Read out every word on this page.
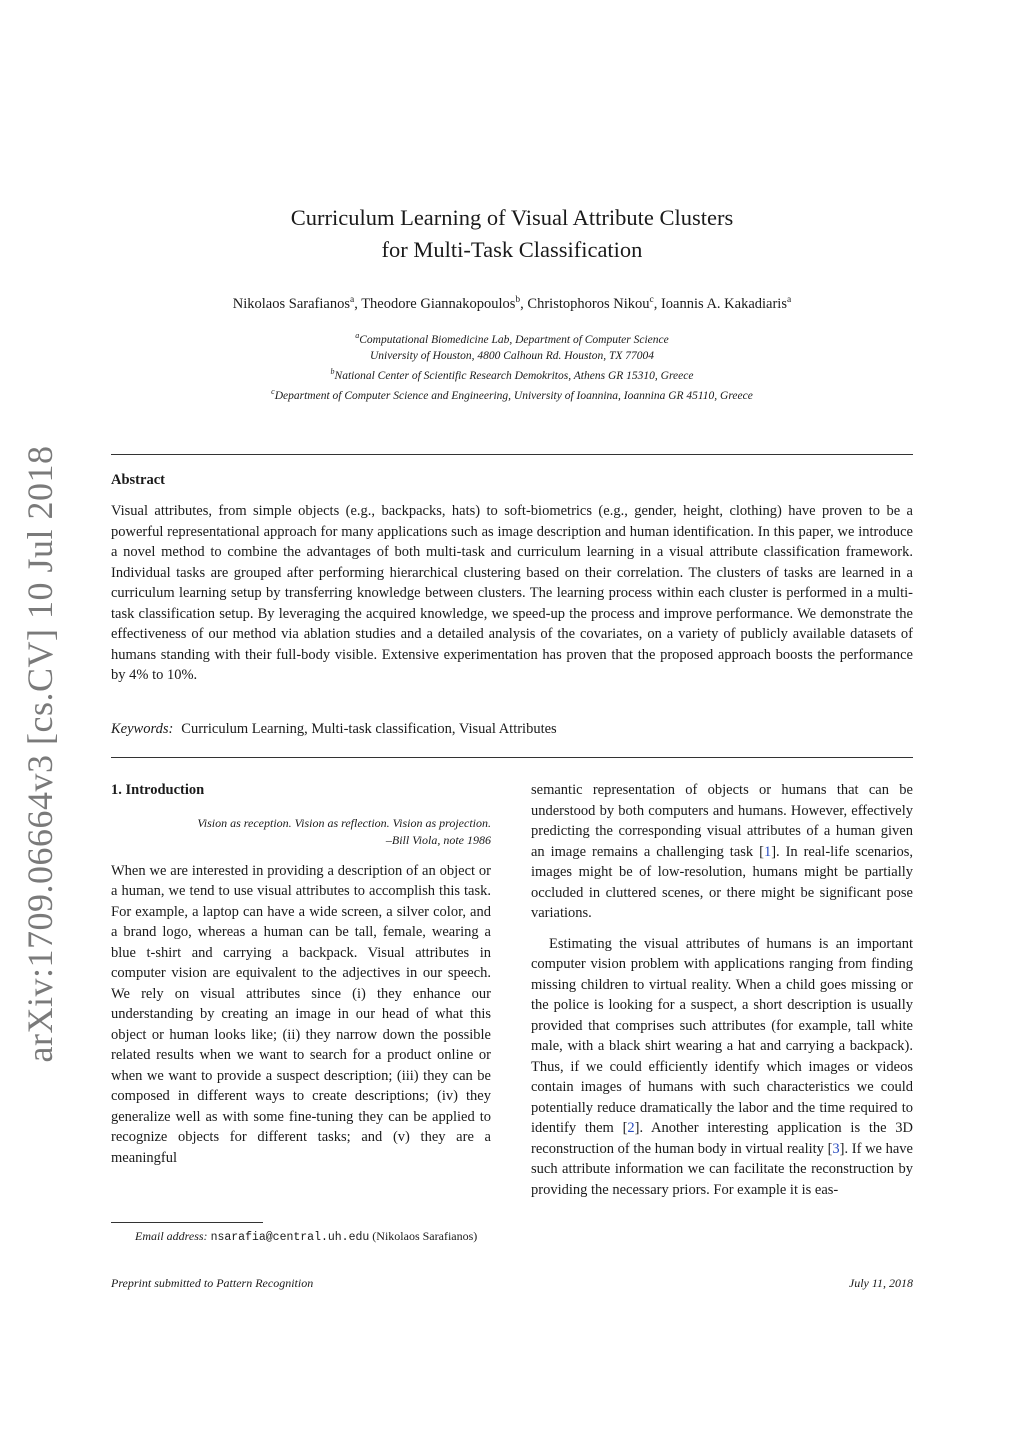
arXiv:1709.06664v3 [cs.CV] 10 Jul 2018
Curriculum Learning of Visual Attribute Clusters
for Multi-Task Classification
Nikolaos Sarafianos$^a$, Theodore Giannakopoulos$^b$, Christophoros Nikou$^c$, Ioannis A. Kakadiaris$^a$
$^a$Computational Biomedicine Lab, Department of Computer Science
University of Houston, 4800 Calhoun Rd. Houston, TX 77004
$^b$National Center of Scientific Research Demokritos, Athens GR 15310, Greece
$^c$Department of Computer Science and Engineering, University of Ioannina, Ioannina GR 45110, Greece
Abstract
Visual attributes, from simple objects (e.g., backpacks, hats) to soft-biometrics (e.g., gender, height, clothing) have proven to be a powerful representational approach for many applications such as image description and human identification. In this paper, we introduce a novel method to combine the advantages of both multi-task and curriculum learning in a visual attribute classification framework. Individual tasks are grouped after performing hierarchical clustering based on their correlation. The clusters of tasks are learned in a curriculum learning setup by transferring knowledge between clusters. The learning process within each cluster is performed in a multi-task classification setup. By leveraging the acquired knowledge, we speed-up the process and improve performance. We demonstrate the effectiveness of our method via ablation studies and a detailed analysis of the covariates, on a variety of publicly available datasets of humans standing with their full-body visible. Extensive experimentation has proven that the proposed approach boosts the performance by 4% to 10%.
Keywords: Curriculum Learning, Multi-task classification, Visual Attributes
1. Introduction
Vision as reception. Vision as reflection. Vision as projection.
–Bill Viola, note 1986

When we are interested in providing a description of an object or a human, we tend to use visual attributes to accomplish this task. For example, a laptop can have a wide screen, a silver color, and a brand logo, whereas a human can be tall, female, wearing a blue t-shirt and carrying a backpack. Visual attributes in computer vision are equivalent to the adjectives in our speech. We rely on visual attributes since (i) they enhance our understanding by creating an image in our head of what this object or human looks like; (ii) they narrow down the possible related results when we want to search for a product online or when we want to provide a suspect description; (iii) they can be composed in different ways to create descriptions; (iv) they generalize well as with some fine-tuning they can be applied to recognize objects for different tasks; and (v) they are a meaningful

semantic representation of objects or humans that can be understood by both computers and humans. However, effectively predicting the corresponding visual attributes of a human given an image remains a challenging task [1]. In real-life scenarios, images might be of low-resolution, humans might be partially occluded in cluttered scenes, or there might be significant pose variations.

Estimating the visual attributes of humans is an important computer vision problem with applications ranging from finding missing children to virtual reality. When a child goes missing or the police is looking for a suspect, a short description is usually provided that comprises such attributes (for example, tall white male, with a black shirt wearing a hat and carrying a backpack). Thus, if we could efficiently identify which images or videos contain images of humans with such characteristics we could potentially reduce dramatically the labor and the time required to identify them [2]. Another interesting application is the 3D reconstruction of the human body in virtual reality [3]. If we have such attribute information we can facilitate the reconstruction by providing the necessary priors. For example it is eas-

Email address: nsarafia@central.uh.edu (Nikolaos Sarafianos)
Preprint submitted to Pattern Recognition	July 11, 2018
